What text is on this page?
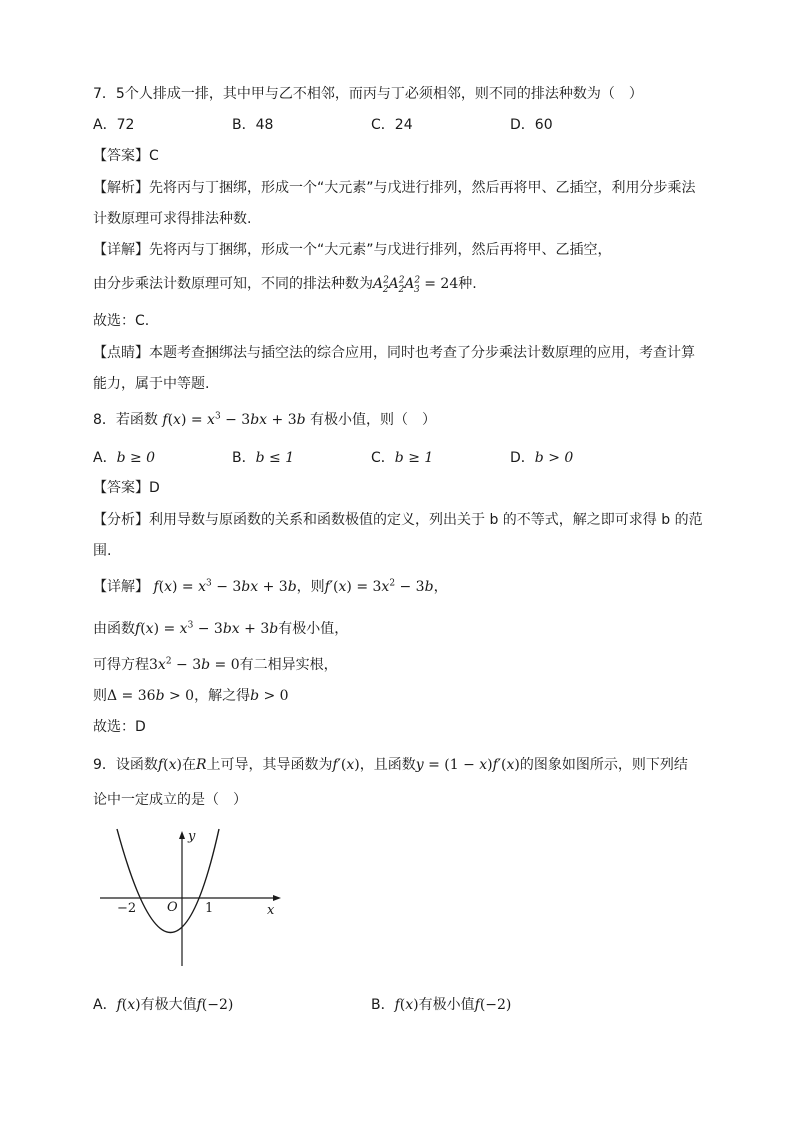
7．5个人排成一排，其中甲与乙不相邻，而丙与丁必须相邻，则不同的排法种数为（　）
A．72	B．48	C．24	D．60
【答案】C
【解析】先将丙与丁捆绑，形成一个“大元素”与戊进行排列，然后再将甲、乙插空，利用分步乘法
计数原理可求得排法种数.
【详解】先将丙与丁捆绑，形成一个“大元素”与戊进行排列，然后再将甲、乙插空，
由分步乘法计数原理可知，不同的排法种数为$A^2_2A^2_2A^2_3 = 24$种.
故选：C.
【点睛】本题考查捆绑法与插空法的综合应用，同时也考查了分步乘法计数原理的应用，考查计算
能力，属于中等题.
8．若函数 $f(x) = x^3 - 3bx + 3b$ 有极小值，则（　）
A．b ≥ 0	B．b ≤ 1	C．b ≥ 1	D．b > 0
【答案】D
【分析】利用导数与原函数的关系和函数极值的定义，列出关于 b 的不等式，解之即可求得 b 的范
围.
【详解】 $f(x) = x^3 - 3bx + 3b$，则$f'(x) = 3x^2 - 3b$，
由函数$f(x) = x^3 - 3bx + 3b$有极小值，
可得方程$3x^2 - 3b = 0$有二相异实根，
则Δ = 36b > 0，解之得b > 0
故选：D
9．设函数f(x)在R上可导，其导函数为f′(x)，且函数y = (1 − x)f′(x)的图象如图所示，则下列结
论中一定成立的是（　）
y
x
O
−2	1
A．f(x)有极大值f(−2)	B．f(x)有极小值f(−2)
